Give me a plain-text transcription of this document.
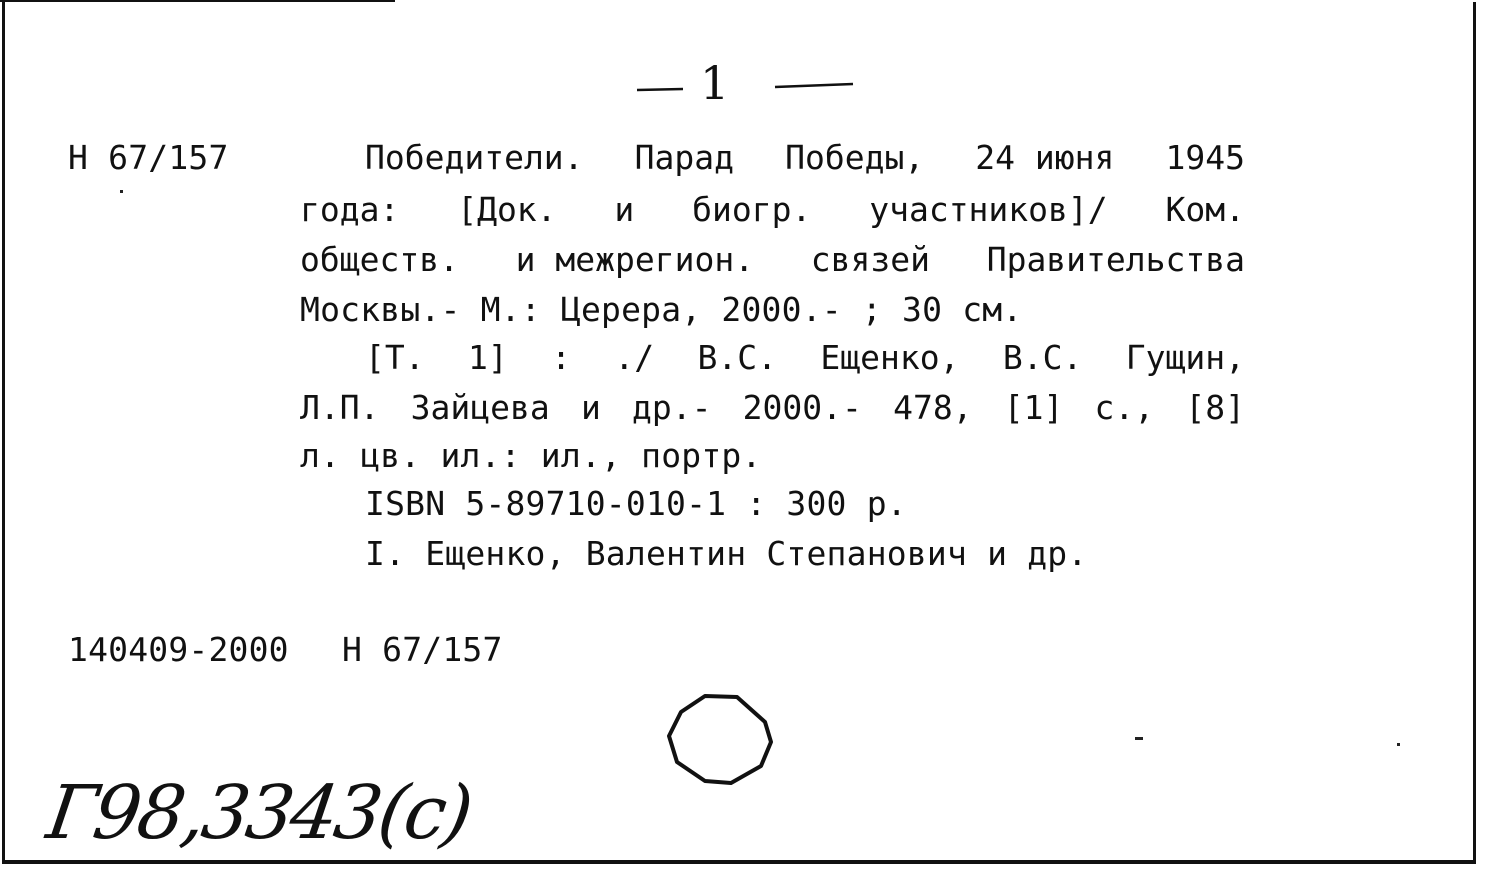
1
Н 67/157	Победители. Парад Победы, 24 июня 1945
года: [Док. и биогр. участников]/ Ком.
обществ. и межрегион. связей Правительства
Москвы.- М.: Церера, 2000.- ; 30 см.
[Т. 1] : ./ В.С. Ещенко, В.С. Гущин,
Л.П. Зайцева и др.- 2000.- 478, [1] с., [8]
л. цв. ил.: ил., портр.
ISBN 5-89710-010-1 : 300 р.
I. Ещенко, Валентин Степанович и др.
140409-2000 Н 67/157
Г98,3343(с)
